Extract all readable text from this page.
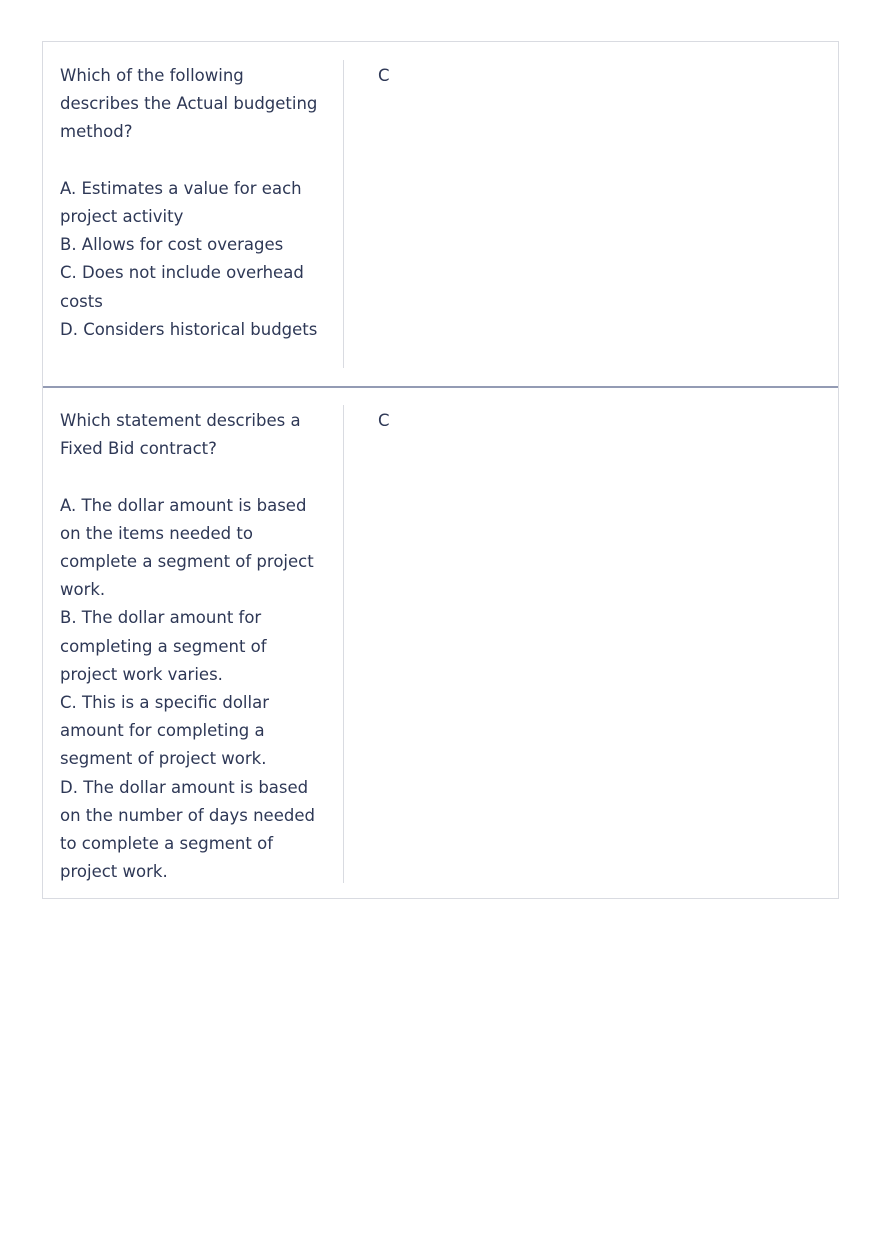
Which of the following
describes the Actual budgeting
method?
A. Estimates a value for each
project activity
B. Allows for cost overages
C. Does not include overhead
costs
D. Considers historical budgets
C
Which statement describes a
Fixed Bid contract?
A. The dollar amount is based
on the items needed to
complete a segment of project
work.
B. The dollar amount for
completing a segment of
project work varies.
C. This is a specific dollar
amount for completing a
segment of project work.
D. The dollar amount is based
on the number of days needed
to complete a segment of
project work.
C
